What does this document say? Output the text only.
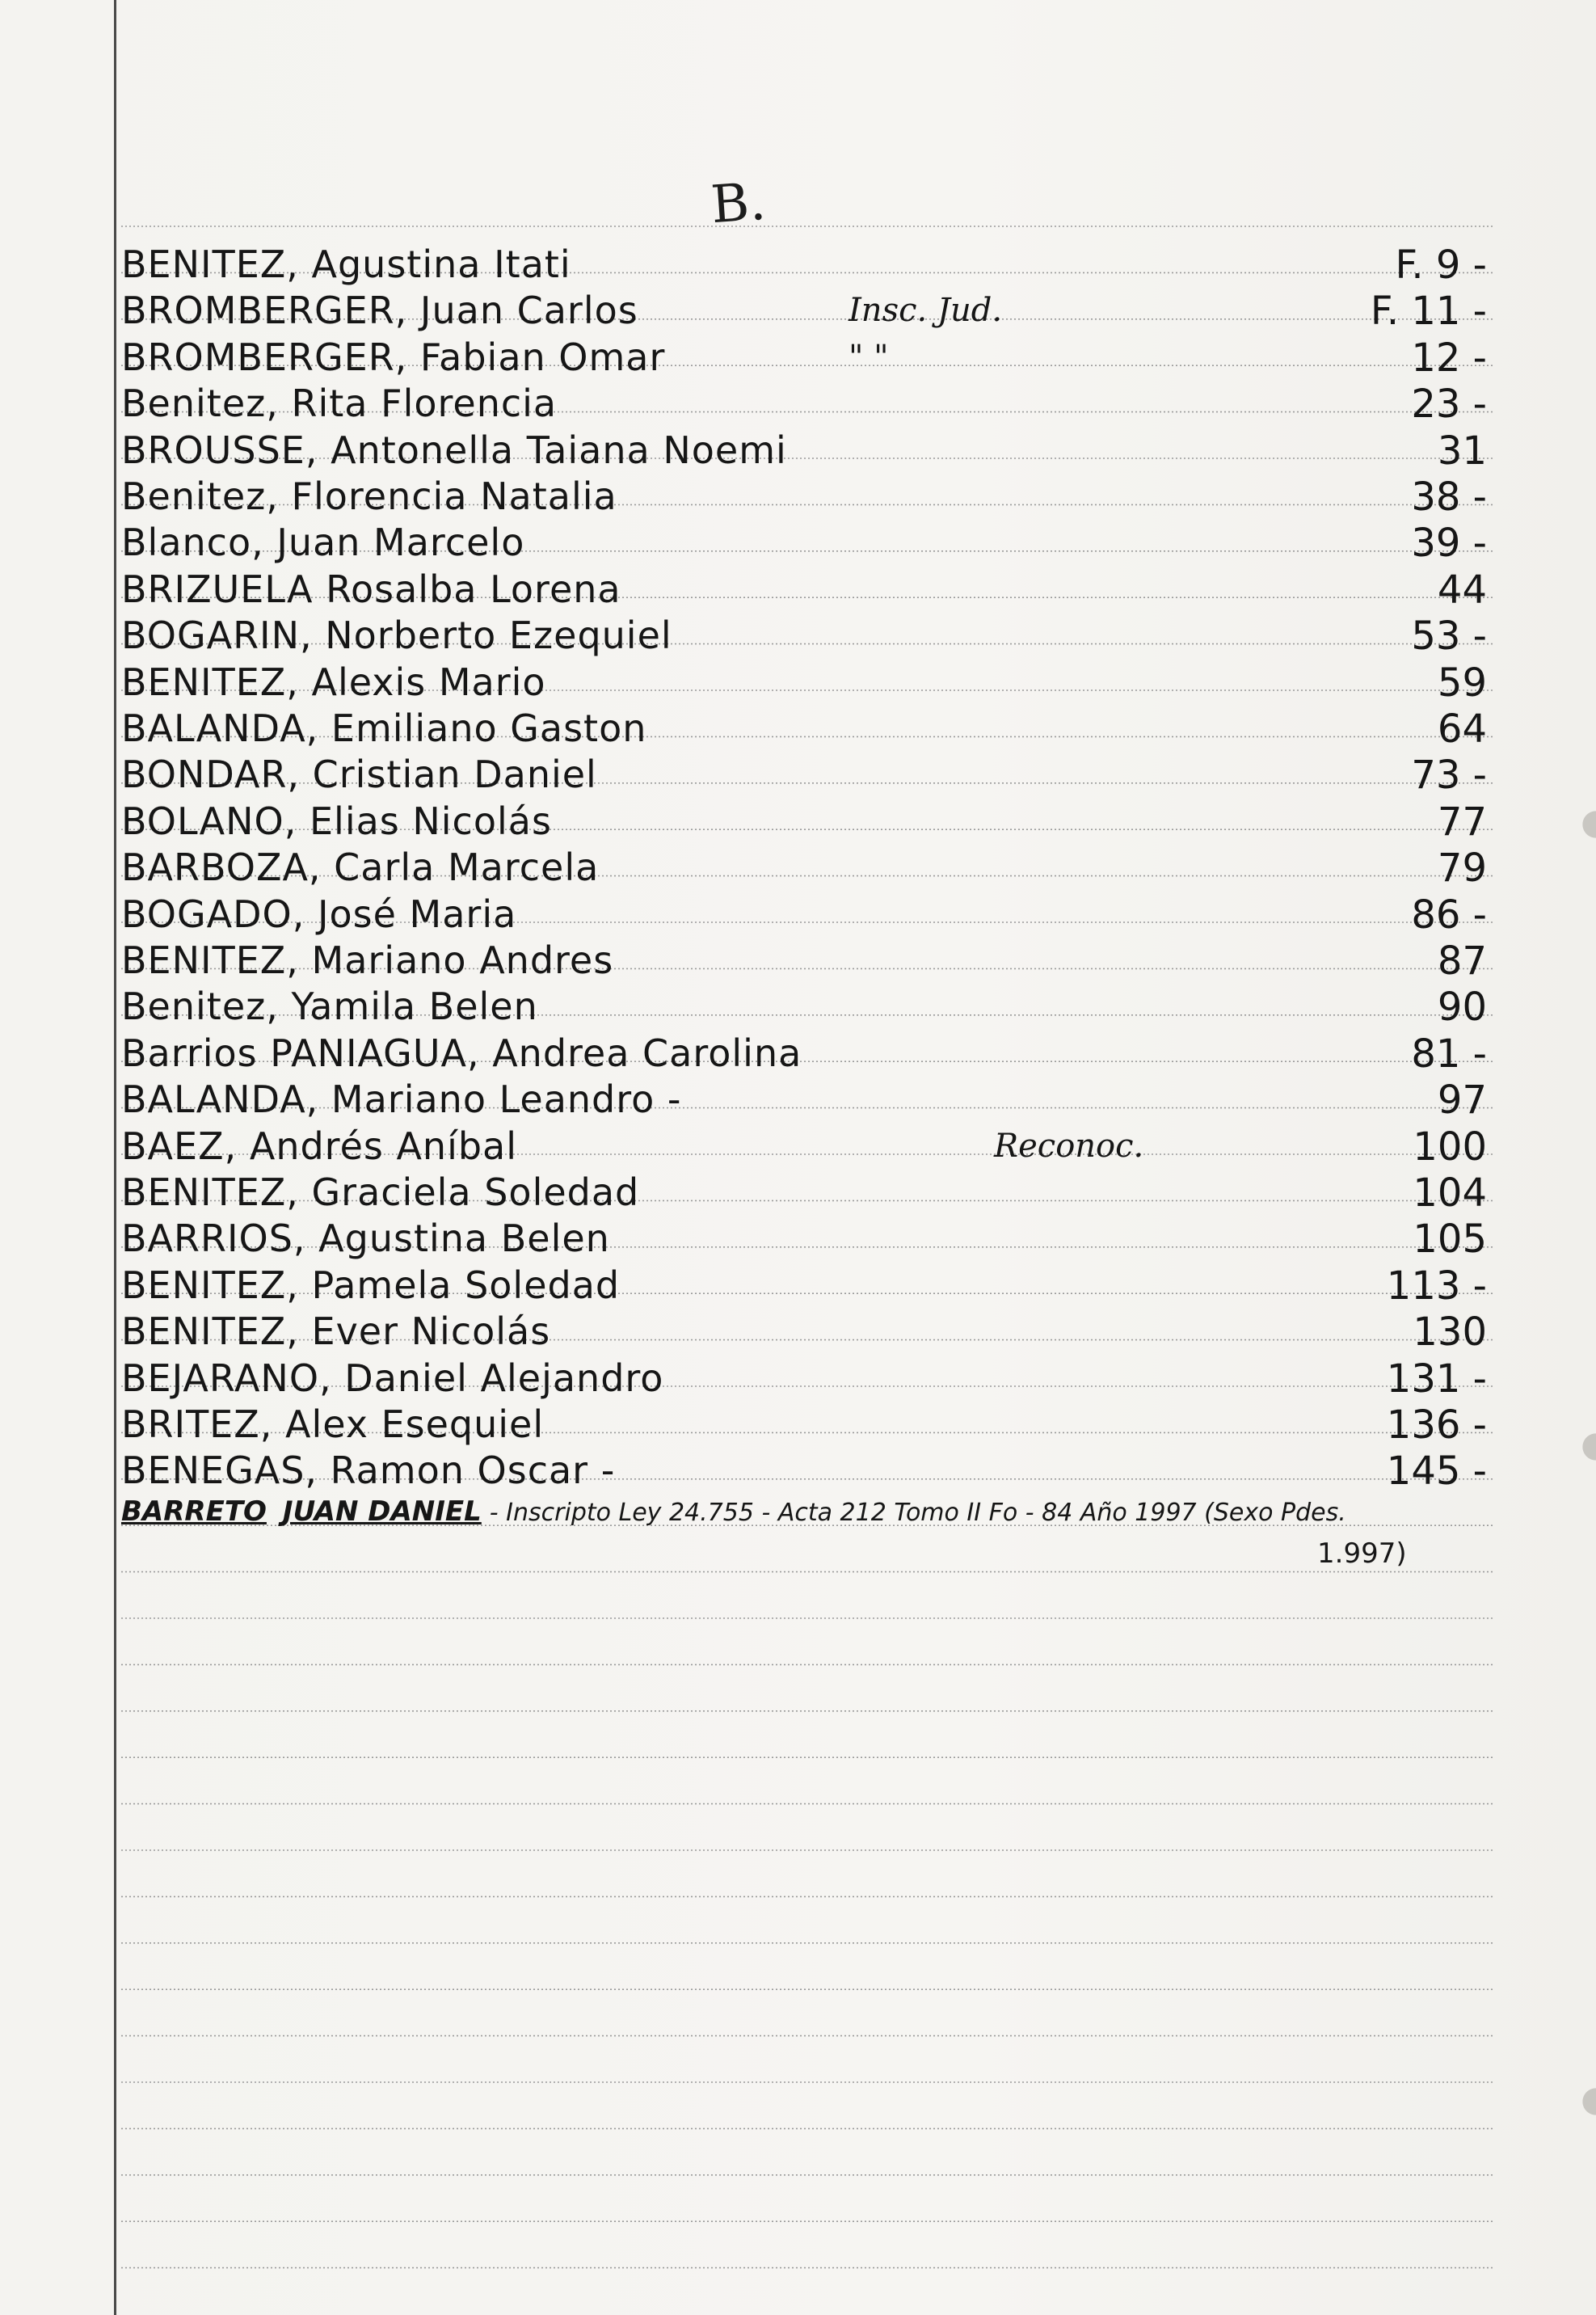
B.
BENITEZ, Agustina Itati	F. 9 -
BROMBERGER, Juan Carlos	Insc. Jud.	F. 11 -
BROMBERGER, Fabian Omar	" "	12 -
Benitez, Rita Florencia	23 -
BROUSSE, Antonella Taiana Noemi	31
Benitez, Florencia Natalia	38 -
Blanco, Juan Marcelo	39 -
BRIZUELA Rosalba Lorena	44
BOGARIN, Norberto Ezequiel	53 -
BENITEZ, Alexis Mario	59
BALANDA, Emiliano Gaston	64
BONDAR, Cristian Daniel	73 -
BOLANO, Elias Nicolás	77
BARBOZA, Carla Marcela	79
BOGADO, José Maria	86 -
BENITEZ, Mariano Andres	87
Benitez, Yamila Belen	90
Barrios PANIAGUA, Andrea Carolina	81 -
BALANDA, Mariano Leandro -	97
BAEZ, Andrés Aníbal	Reconoc.	100
BENITEZ, Graciela Soledad	104
BARRIOS, Agustina Belen	105
BENITEZ, Pamela Soledad	113 -
BENITEZ, Ever Nicolás	130
BEJARANO, Daniel Alejandro	131 -
BRITEZ, Alex Esequiel	136 -
BENEGAS, Ramon Oscar -	145 -
BARRETO JUAN DANIEL - Inscripto Ley 24.755 - Acta 212 Tomo II Fo - 84 Año 1997 (Sexo Pdes.
1.997)
